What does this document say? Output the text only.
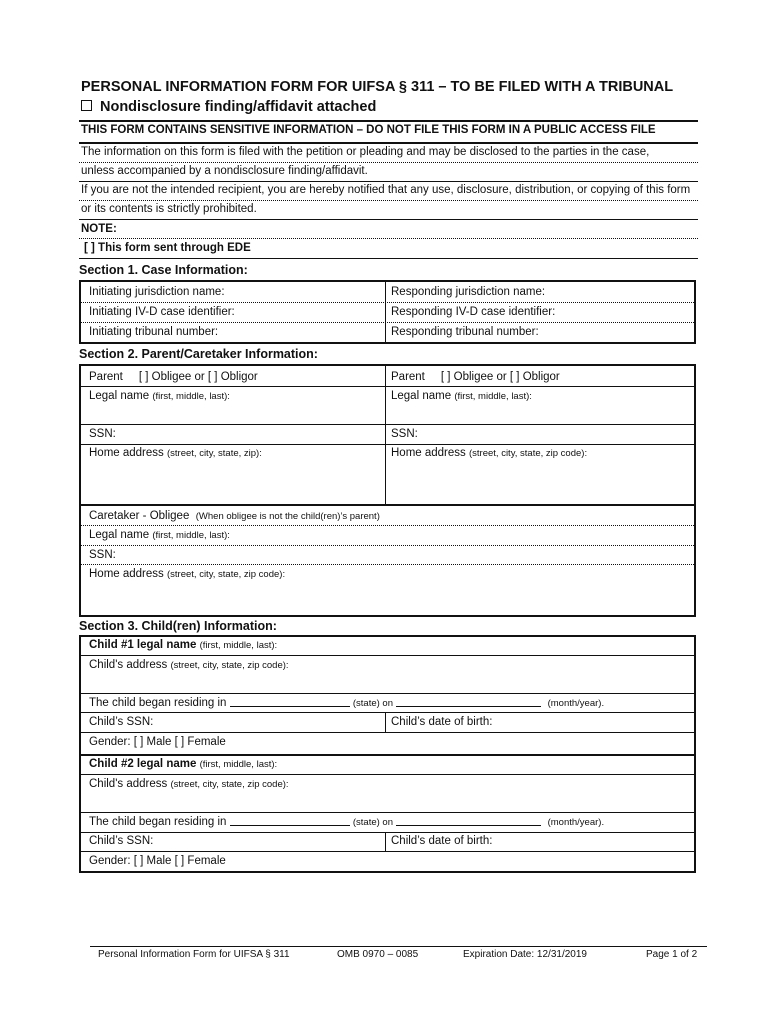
PERSONAL INFORMATION FORM FOR UIFSA § 311 – TO BE FILED WITH A TRIBUNAL
Nondisclosure finding/affidavit attached
THIS FORM CONTAINS SENSITIVE INFORMATION – DO NOT FILE THIS FORM IN A PUBLIC ACCESS FILE
The information on this form is filed with the petition or pleading and may be disclosed to the parties in the case,
unless accompanied by a nondisclosure finding/affidavit.
If you are not the intended recipient, you are hereby notified that any use, disclosure, distribution, or copying of this form
or its contents is strictly prohibited.
NOTE:
[ ] This form sent through EDE
Section 1. Case Information:
Initiating jurisdiction name:	Responding jurisdiction name:
Initiating IV-D case identifier:	Responding IV-D case identifier:
Initiating tribunal number:	Responding tribunal number:
Section 2. Parent/Caretaker Information:
Parent [ ] Obligee or [ ] Obligor	Parent [ ] Obligee or [ ] Obligor
Legal name (first, middle, last):	Legal name (first, middle, last):
SSN:	SSN:
Home address (street, city, state, zip):	Home address (street, city, state, zip code):
Caretaker - Obligee (When obligee is not the child(ren)’s parent)
Legal name (first, middle, last):
SSN:
Home address (street, city, state, zip code):
Section 3. Child(ren) Information:
Child #1 legal name (first, middle, last):
Child's address (street, city, state, zip code):
The child began residing in	(state) on	(month/year).
Child’s SSN:	Child’s date of birth:
Gender: [ ] Male [ ] Female
Child #2 legal name (first, middle, last):
Child's address (street, city, state, zip code):
The child began residing in	(state) on	(month/year).
Child’s SSN:	Child’s date of birth:
Gender: [ ] Male [ ] Female
Personal Information Form for UIFSA § 311	OMB 0970 – 0085	Expiration Date: 12/31/2019	Page 1 of 2
